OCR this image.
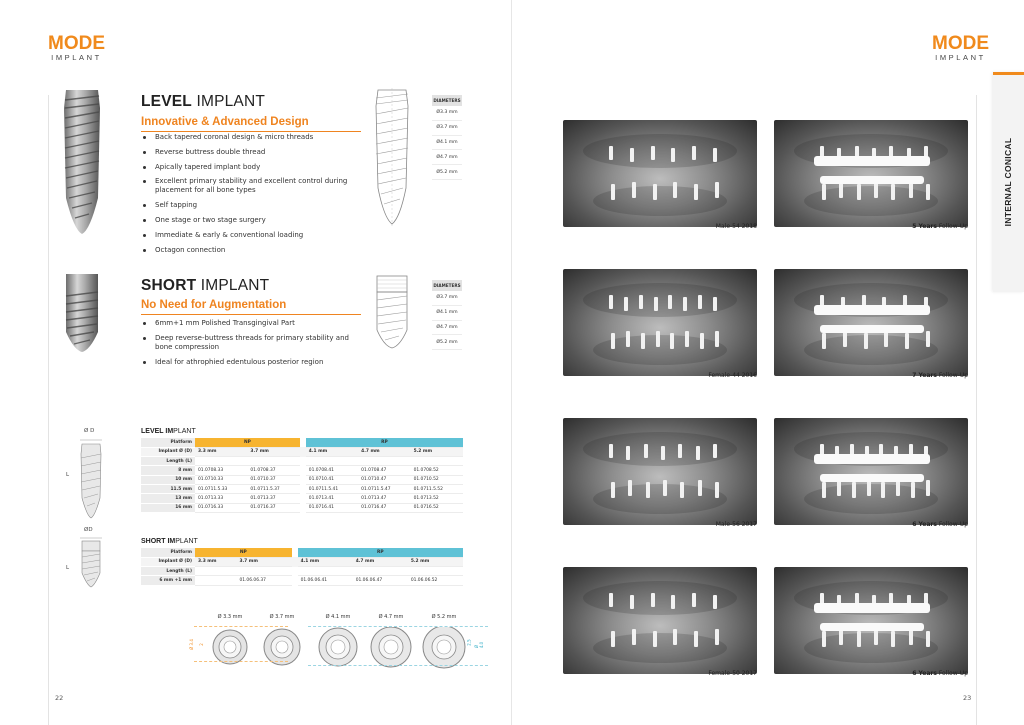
MODE
IMPLANT
LEVEL IMPLANT
Innovative & Advanced Design
Back tapered coronal design & micro threads
Reverse buttress double thread
Apically tapered implant body
Excellent primary stability and excellent control during placement for all bone types
Self tapping
One stage or two stage surgery
Immediate & early & conventional loading
Octagon connection
DIAMETERS
Ø3.3 mm
Ø3.7 mm
Ø4.1 mm
Ø4.7 mm
Ø5.2 mm
SHORT IMPLANT
No Need for Augmentation
6mm+1 mm Polished Transgingival Part
Deep reverse-buttress threads for primary stability and bone compression
Ideal for athrophied edentulous posterior region
DIAMETERS
Ø3.7 mm
Ø4.1 mm
Ø4.7 mm
Ø5.2 mm
Ø D
L
LEVEL IMPLANT
Platform	NP			RP		
Implant Ø (D)	3.3 mm	3.7 mm		4.1 mm	4.7 mm	5.2 mm
Length (L)						
8 mm	01.0708.33	01.0708.37		01.0708.41	01.0708.47	01.0708.52
10 mm	01.0710.33	01.0710.37		01.0710.41	01.0710.47	01.0710.52
11.5 mm	01.0711.5.33	01.0711.5.37		01.0711.5.41	01.0711.5.47	01.0711.5.52
13 mm	01.0713.33	01.0713.37		01.0713.41	01.0713.47	01.0713.52
16 mm	01.0716.33	01.0716.37		01.0716.41	01.0716.47	01.0716.52
ØD
L
SHORT IMPLANT
Platform	NP			RP		
Implant Ø (D)	3.3 mm	3.7 mm		4.1 mm	4.7 mm	5.2 mm
Length (L)						
6 mm +1 mm		01.06.06.37		01.06.06.41	01.06.06.47	01.06.06.52
Ø 3.3 mm	Ø 3.7 mm	Ø 4.1 mm	Ø 4.7 mm	Ø 5.2 mm
Ø 3.4 2	2.5
Ø 4.0
22
MODE
IMPLANT
23
INTERNAL CONICAL
Male-54 2018	5 Years Follow-Up
Female-44 2016	7 Years Follow-Up
Male-56 2017	6 Years Follow-Up
Female-50 2017	6 Years Follow-Up
